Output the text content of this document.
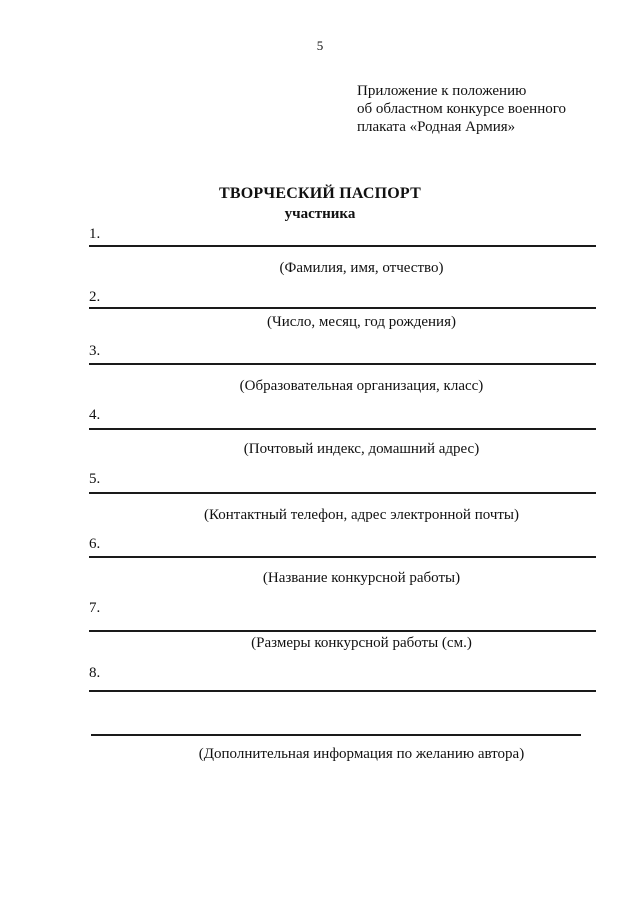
5
Приложение к положению
об областном конкурсе военного
плаката «Родная Армия»
ТВОРЧЕСКИЙ ПАСПОРТ
участника
1.
(Фамилия, имя, отчество)
2.
(Число, месяц, год рождения)
3.
(Образовательная организация, класс)
4.
(Почтовый индекс, домашний адрес)
5.
(Контактный телефон, адрес электронной почты)
6.
(Название конкурсной работы)
7.
(Размеры конкурсной работы (см.)
8.
(Дополнительная информация по желанию автора)
